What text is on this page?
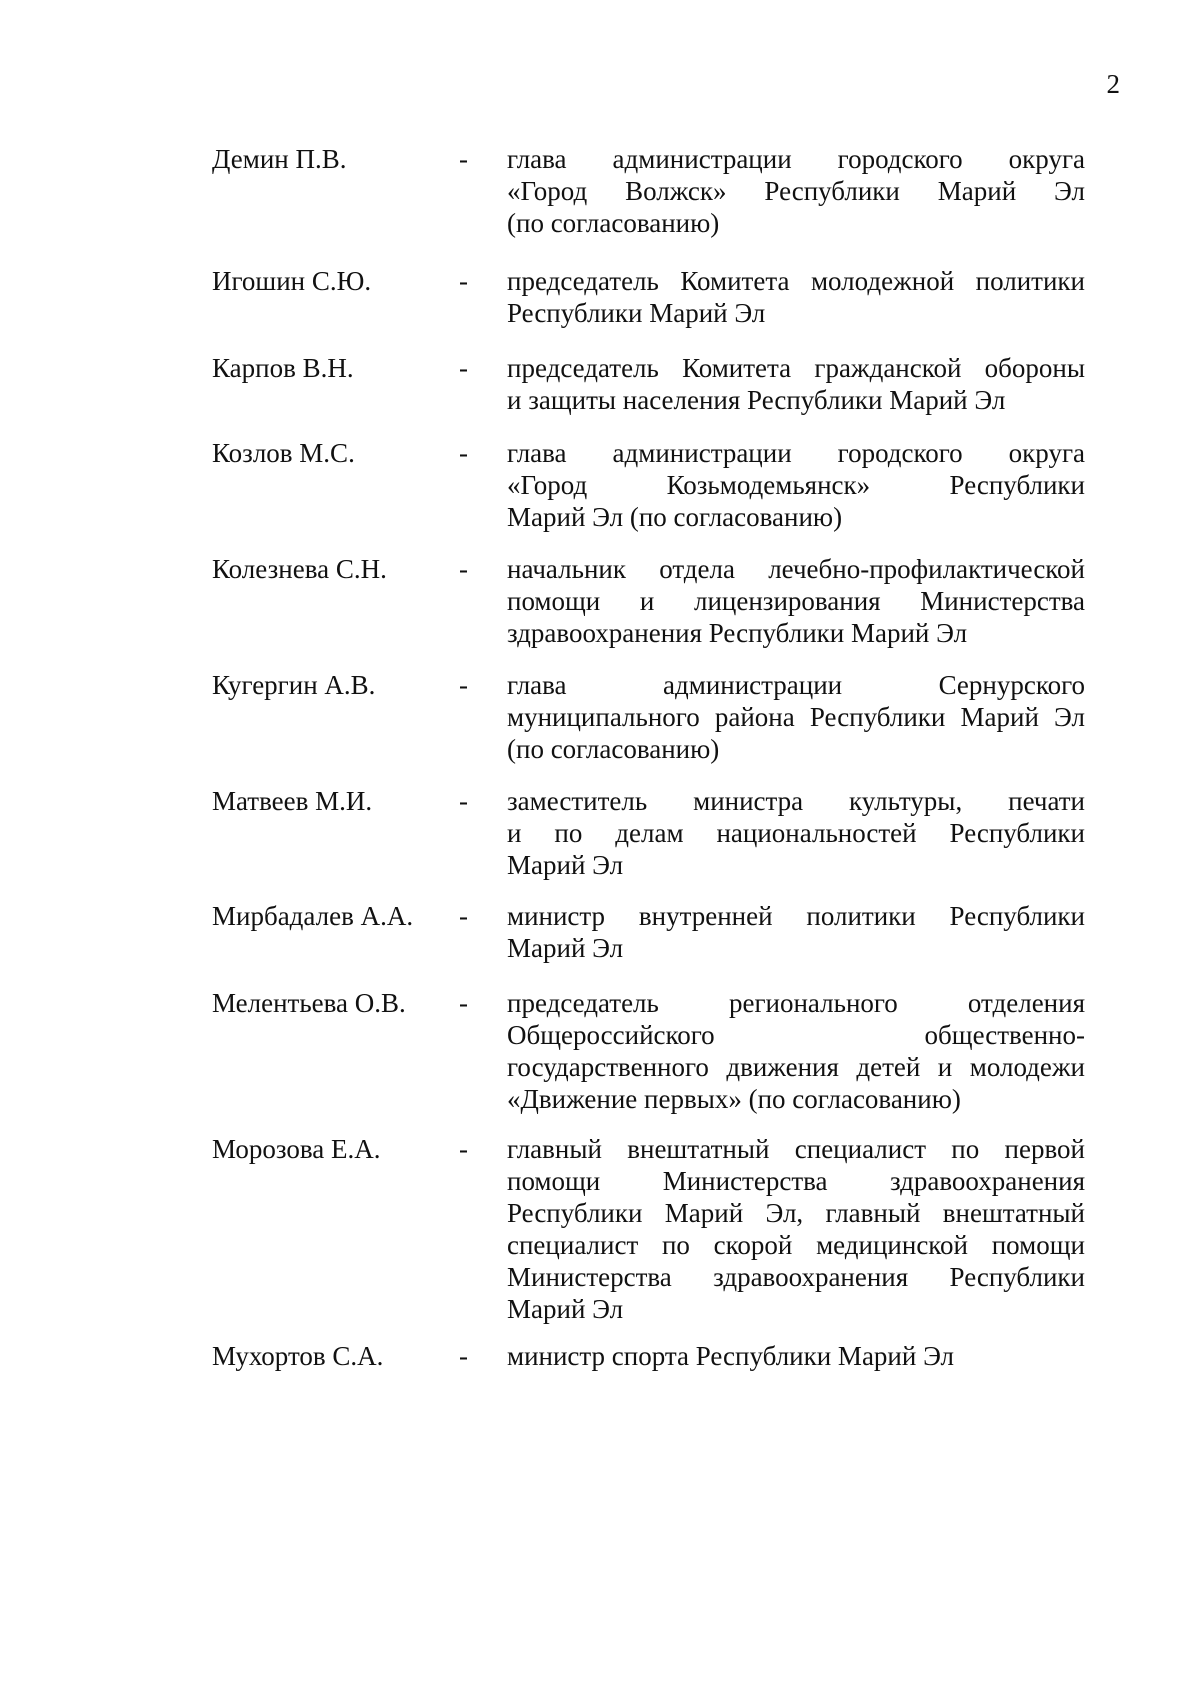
2
Демин П.В.	- глава администрации городского округа
«Город Волжск» Республики Марий Эл
(по согласованию)
Игошин С.Ю.	- председатель Комитета молодежной политики
Республики Марий Эл
Карпов В.Н.	- председатель Комитета гражданской обороны
и защиты населения Республики Марий Эл
Козлов М.С.	- глава администрации городского округа
«Город Козьмодемьянск» Республики
Марий Эл (по согласованию)
Колезнева С.Н.	- начальник отдела лечебно-профилактической
помощи и лицензирования Министерства
здравоохранения Республики Марий Эл
Кугергин А.В.	- глава администрации Сернурского
муниципального района Республики Марий Эл
(по согласованию)
Матвеев М.И.	- заместитель министра культуры, печати
и по делам национальностей Республики
Марий Эл
Мирбадалев А.А.	- министр внутренней политики Республики
Марий Эл
Мелентьева О.В.	- председатель регионального отделения
Общероссийского общественно-
государственного движения детей и молодежи
«Движение первых» (по согласованию)
Морозова Е.А.	- главный внештатный специалист по первой
помощи Министерства здравоохранения
Республики Марий Эл, главный внештатный
специалист по скорой медицинской помощи
Министерства здравоохранения Республики
Марий Эл
Мухортов С.А.	- министр спорта Республики Марий Эл
